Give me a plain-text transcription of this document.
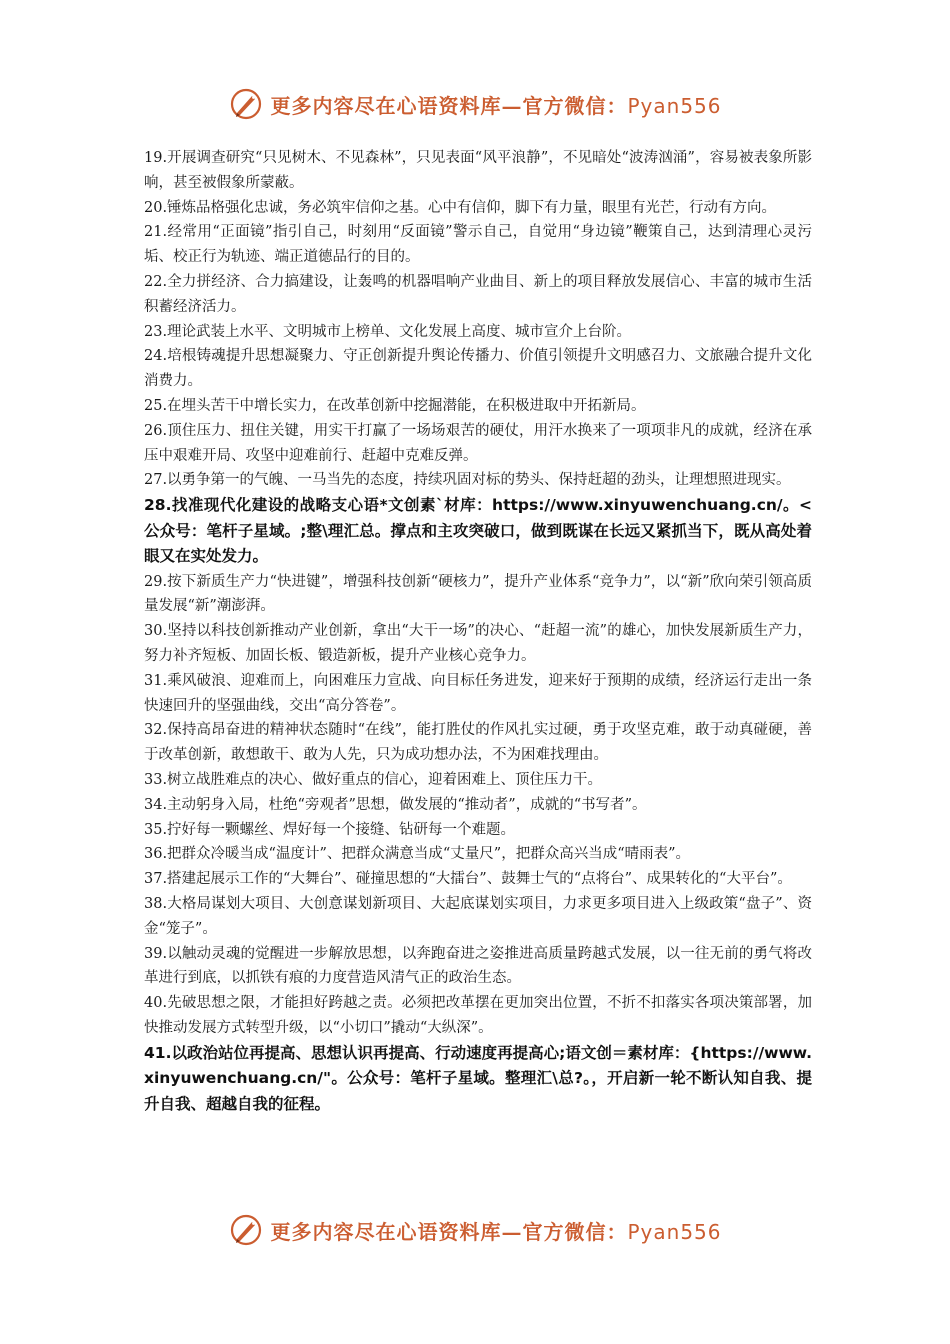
更多内容尽在心语资料库—官方微信：Pyan556

19.开展调查研究“只见树木、不见森林”，只见表面“风平浪静”，不见暗处“波涛汹涌”，容易被表象所影响，甚至被假象所蒙蔽。

20.锤炼品格强化忠诚，务必筑牢信仰之基。心中有信仰，脚下有力量，眼里有光芒，行动有方向。

21.经常用“正面镜”指引自己，时刻用“反面镜”警示自己，自觉用“身边镜”鞭策自己，达到清理心灵污垢、校正行为轨迹、端正道德品行的目的。

22.全力拼经济、合力搞建设，让轰鸣的机器唱响产业曲目、新上的项目释放发展信心、丰富的城市生活积蓄经济活力。

23.理论武装上水平、文明城市上榜单、文化发展上高度、城市宣介上台阶。

24.培根铸魂提升思想凝聚力、守正创新提升舆论传播力、价值引领提升文明感召力、文旅融合提升文化消费力。

25.在埋头苦干中增长实力，在改革创新中挖掘潜能，在积极进取中开拓新局。

26.顶住压力、扭住关键，用实干打赢了一场场艰苦的硬仗，用汗水换来了一项项非凡的成就，经济在承压中艰难开局、攻坚中迎难前行、赶超中克难反弹。

27.以勇争第一的气魄、一马当先的态度，持续巩固对标的势头、保持赶超的劲头，让理想照进现实。

28.找准现代化建设的战略支心语*文创素`材库：https://www.xinyuwenchuang.cn/。<公众号：笔杆子星域。;整\理汇总。撑点和主攻突破口，做到既谋在长远又紧抓当下，既从高处着眼又在实处发力。

29.按下新质生产力“快进键”，增强科技创新“硬核力”，提升产业体系“竞争力”，以“新”欣向荣引领高质量发展“新”潮澎湃。

30.坚持以科技创新推动产业创新，拿出“大干一场”的决心、“赶超一流”的雄心，加快发展新质生产力，努力补齐短板、加固长板、锻造新板，提升产业核心竞争力。

31.乘风破浪、迎难而上，向困难压力宣战、向目标任务进发，迎来好于预期的成绩，经济运行走出一条快速回升的坚强曲线，交出“高分答卷”。

32.保持高昂奋进的精神状态随时“在线”，能打胜仗的作风扎实过硬，勇于攻坚克难，敢于动真碰硬，善于改革创新，敢想敢干、敢为人先，只为成功想办法，不为困难找理由。

33.树立战胜难点的决心、做好重点的信心，迎着困难上、顶住压力干。

34.主动躬身入局，杜绝“旁观者”思想，做发展的“推动者”，成就的“书写者”。

35.拧好每一颗螺丝、焊好每一个接缝、钻研每一个难题。

36.把群众冷暖当成“温度计”、把群众满意当成“丈量尺”，把群众高兴当成“晴雨表”。

37.搭建起展示工作的“大舞台”、碰撞思想的“大擂台”、鼓舞士气的“点将台”、成果转化的“大平台”。

38.大格局谋划大项目、大创意谋划新项目、大起底谋划实项目，力求更多项目进入上级政策“盘子”、资金“笼子”。

39.以触动灵魂的觉醒进一步解放思想，以奔跑奋进之姿推进高质量跨越式发展，以一往无前的勇气将改革进行到底，以抓铁有痕的力度营造风清气正的政治生态。

40.先破思想之限，才能担好跨越之责。必须把改革摆在更加突出位置，不折不扣落实各项决策部署，加快推动发展方式转型升级，以“小切口”撬动“大纵深”。

41.以政治站位再提高、思想认识再提高、行动速度再提高心;语文创＝素材库：{https://www.xinyuwenchuang.cn/"。公众号：笔杆子星域。整理汇\总?。，开启新一轮不断认知自我、提升自我、超越自我的征程。

更多内容尽在心语资料库—官方微信：Pyan556
